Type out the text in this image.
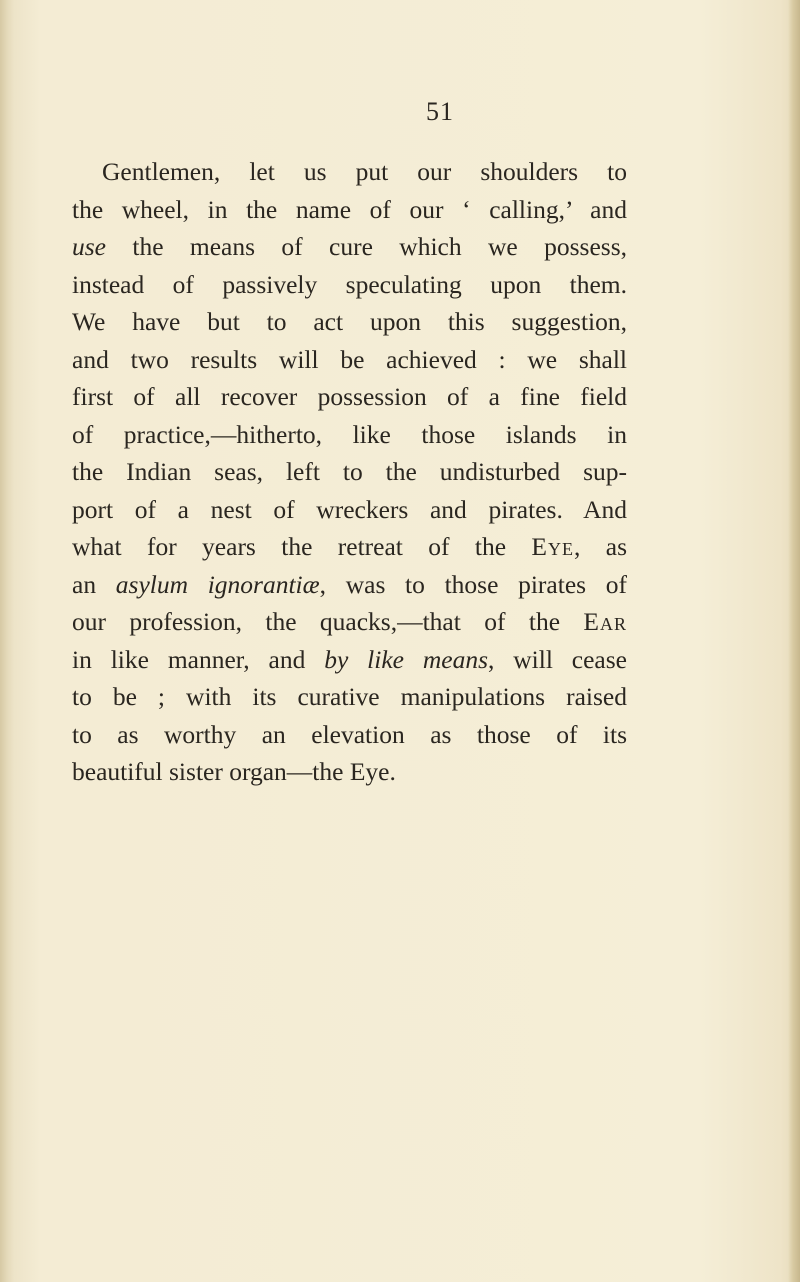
51
Gentlemen, let us put our shoulders to
the wheel, in the name of our ‘ calling,’ and
use the means of cure which we possess,
instead of passively speculating upon them.
We have but to act upon this suggestion,
and two results will be achieved : we shall
first of all recover possession of a fine field
of practice,—hitherto, like those islands in
the Indian seas, left to the undisturbed sup-
port of a nest of wreckers and pirates. And
what for years the retreat of the Eye, as
an asylum ignorantiæ, was to those pirates of
our profession, the quacks,—that of the Ear
in like manner, and by like means, will cease
to be ; with its curative manipulations raised
to as worthy an elevation as those of its
beautiful sister organ—the Eye.
